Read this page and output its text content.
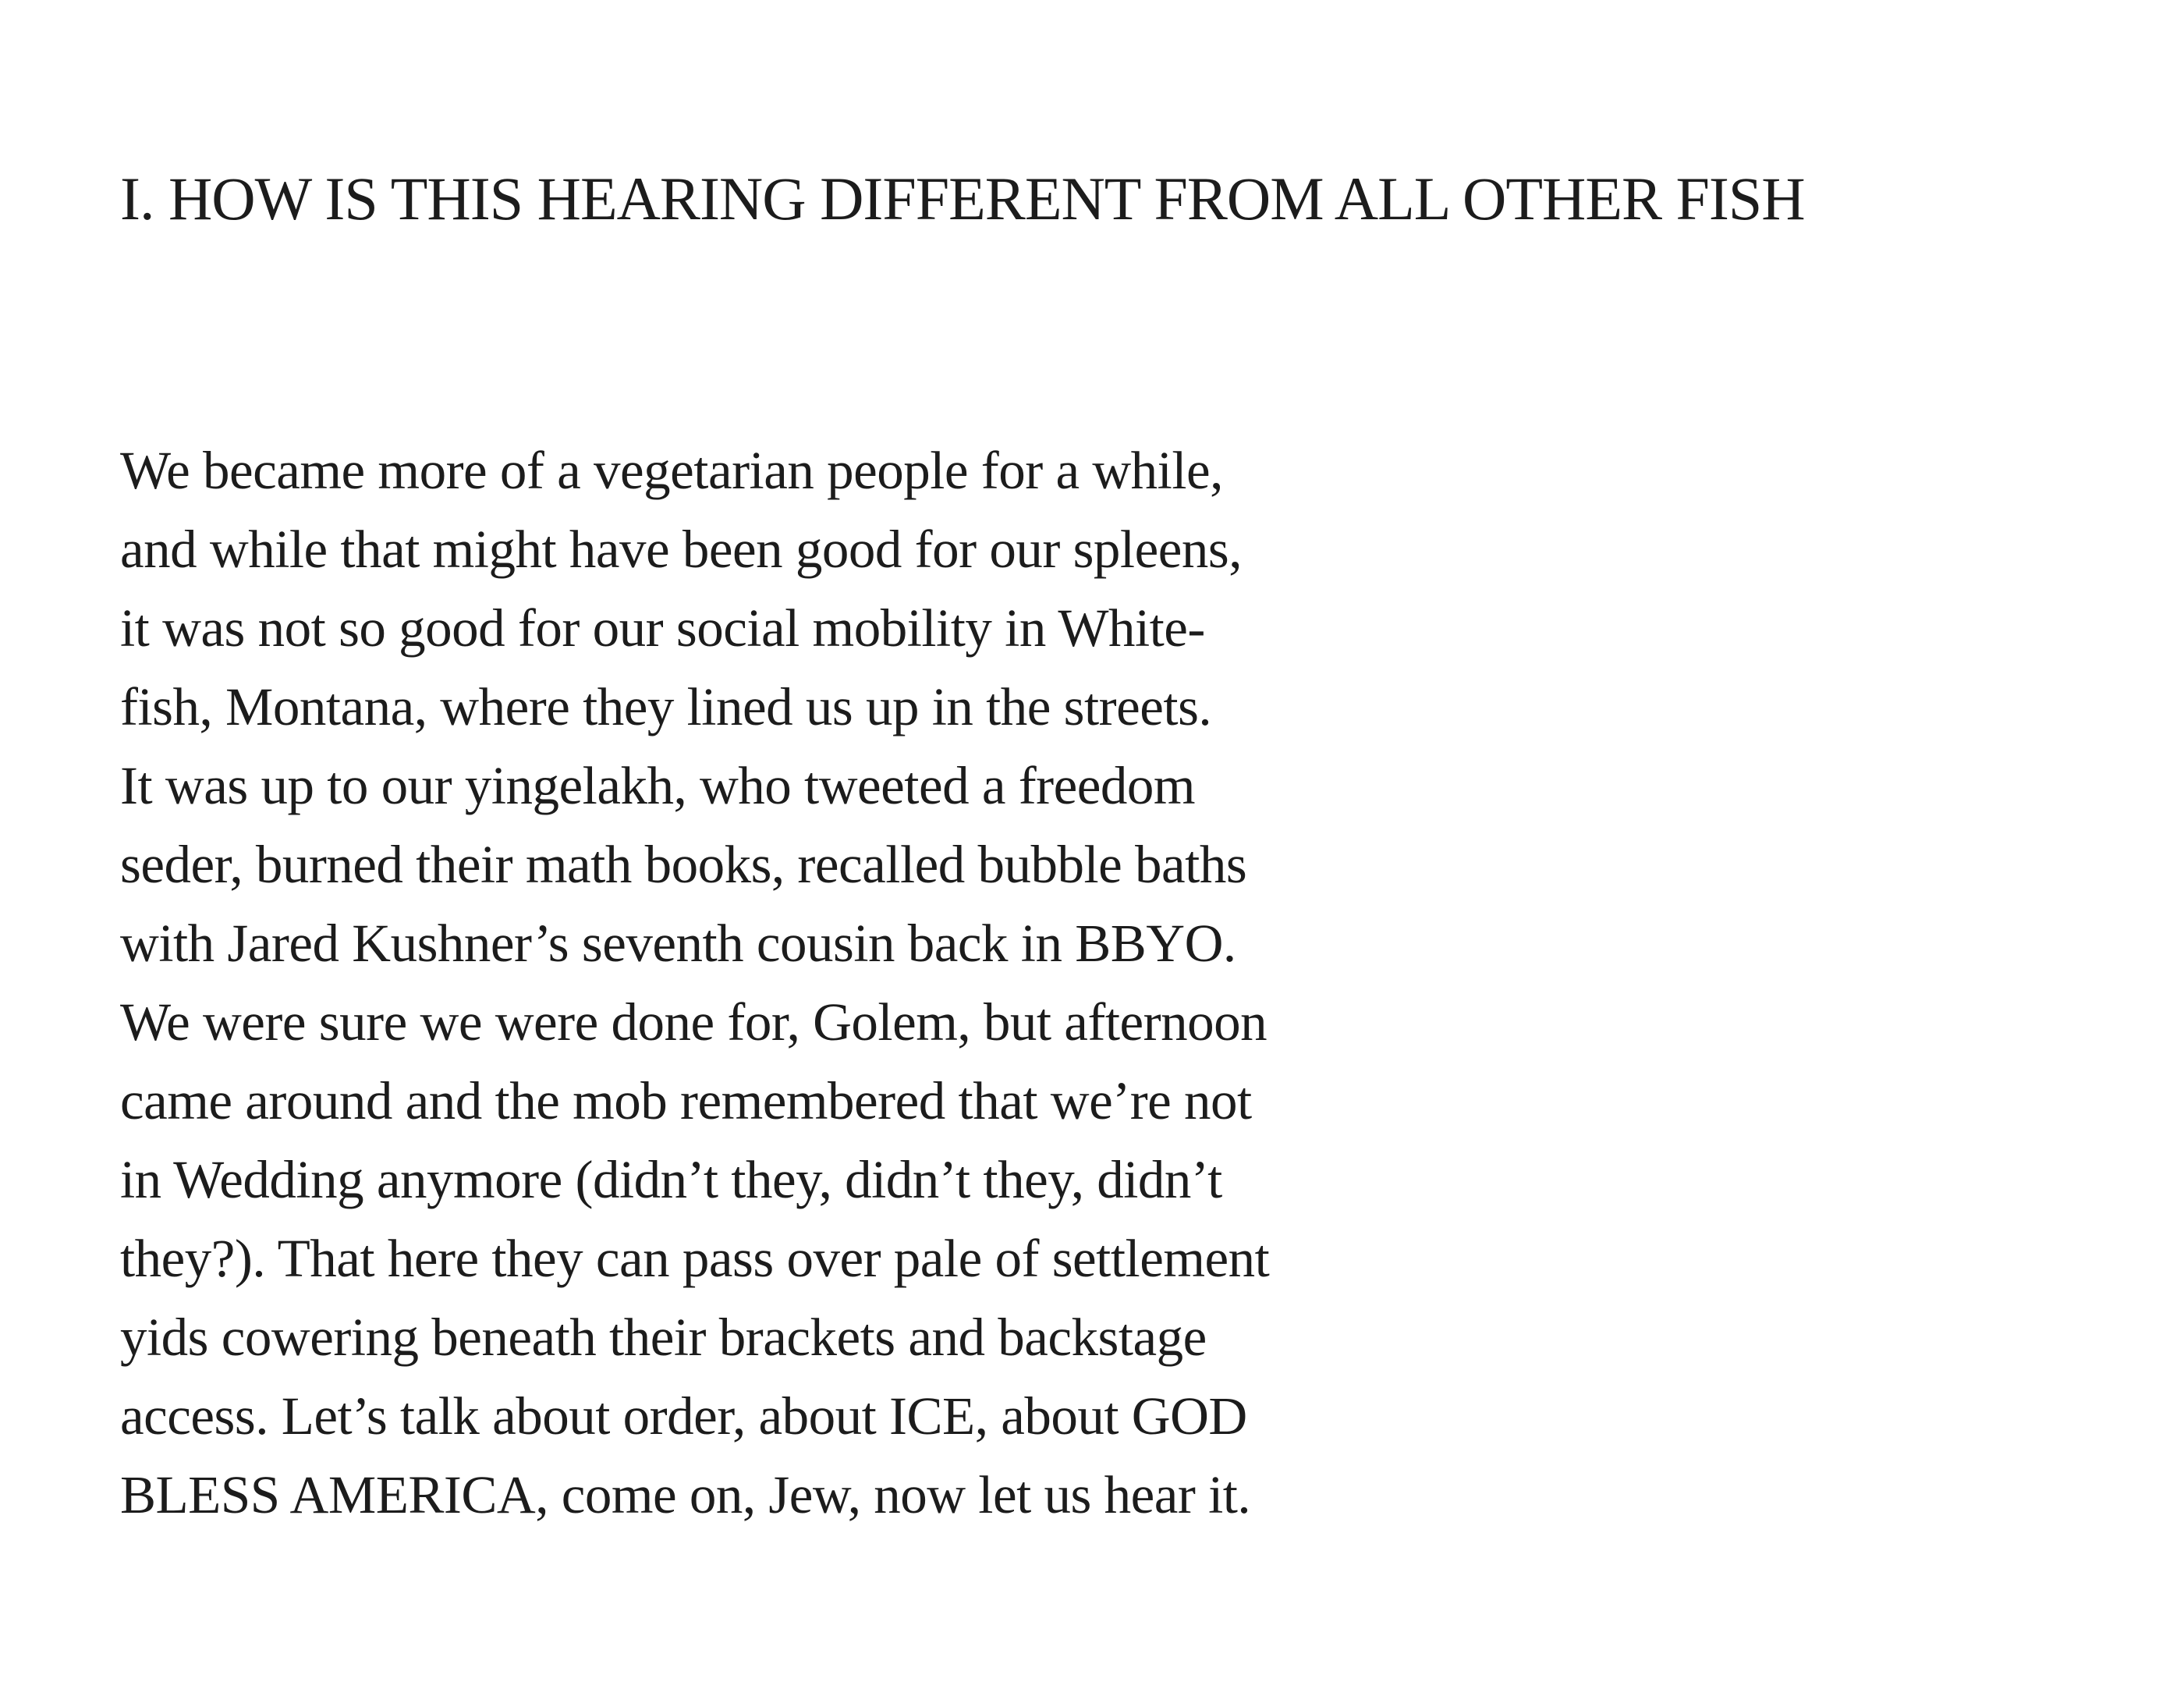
I. HOW IS THIS HEARING DIFFERENT FROM ALL OTHER FISH
We became more of a vegetarian people for a while,
and while that might have been good for our spleens,
it was not so good for our social mobility in White-
fish, Montana, where they lined us up in the streets.
It was up to our yingelakh, who tweeted a freedom
seder, burned their math books, recalled bubble baths
with Jared Kushner’s seventh cousin back in BBYO.
We were sure we were done for, Golem, but afternoon
came around and the mob remembered that we’re not
in Wedding anymore (didn’t they, didn’t they, didn’t
they?). That here they can pass over pale of settlement
yids cowering beneath their brackets and backstage
access. Let’s talk about order, about ICE, about GOD
BLESS AMERICA, come on, Jew, now let us hear it.
